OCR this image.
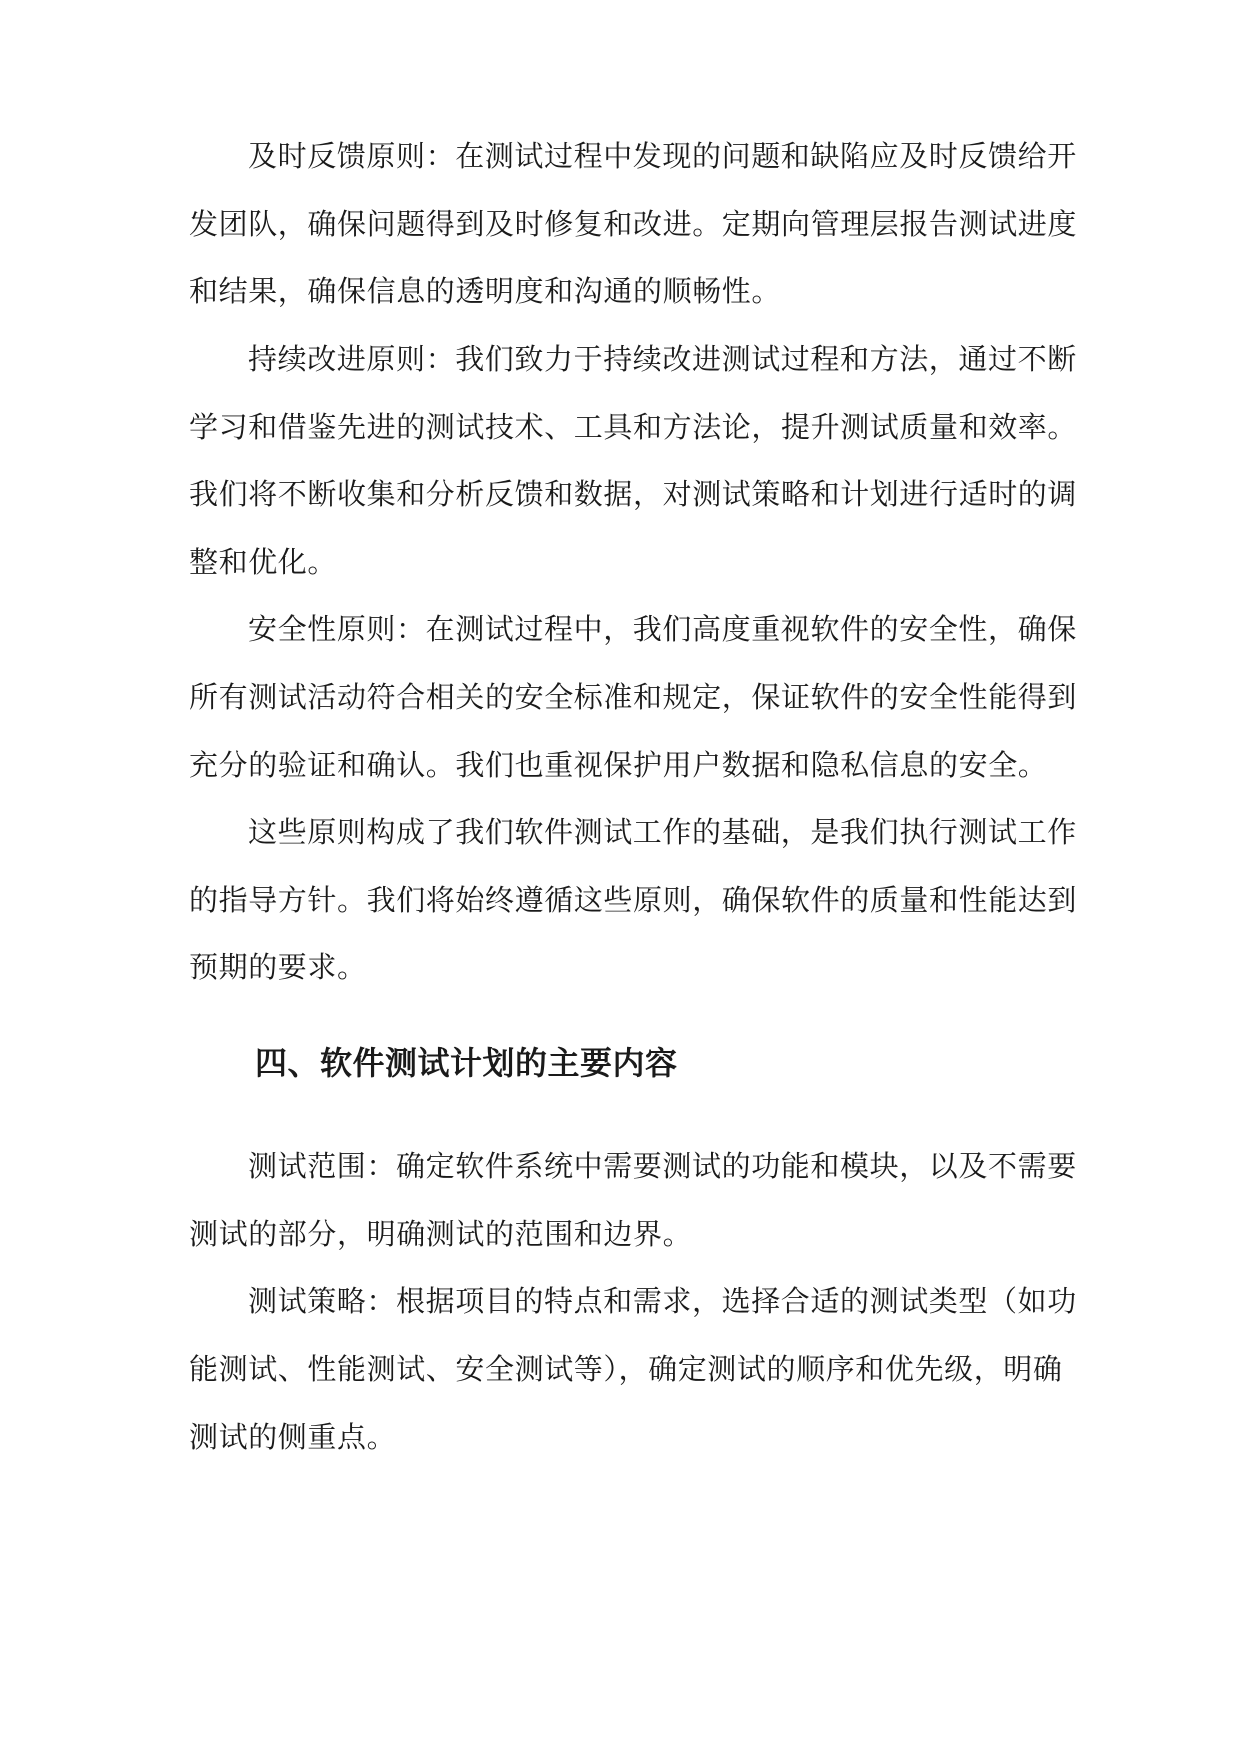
及时反馈原则：在测试过程中发现的问题和缺陷应及时反馈给开
发团队，确保问题得到及时修复和改进。定期向管理层报告测试进度
和结果，确保信息的透明度和沟通的顺畅性。
持续改进原则：我们致力于持续改进测试过程和方法，通过不断
学习和借鉴先进的测试技术、工具和方法论，提升测试质量和效率。
我们将不断收集和分析反馈和数据，对测试策略和计划进行适时的调
整和优化。
安全性原则：在测试过程中，我们高度重视软件的安全性，确保
所有测试活动符合相关的安全标准和规定，保证软件的安全性能得到
充分的验证和确认。我们也重视保护用户数据和隐私信息的安全。
这些原则构成了我们软件测试工作的基础，是我们执行测试工作
的指导方针。我们将始终遵循这些原则，确保软件的质量和性能达到
预期的要求。
四、软件测试计划的主要内容
测试范围：确定软件系统中需要测试的功能和模块，以及不需要
测试的部分，明确测试的范围和边界。
测试策略：根据项目的特点和需求，选择合适的测试类型（如功
能测试、性能测试、安全测试等），确定测试的顺序和优先级，明确
测试的侧重点。
